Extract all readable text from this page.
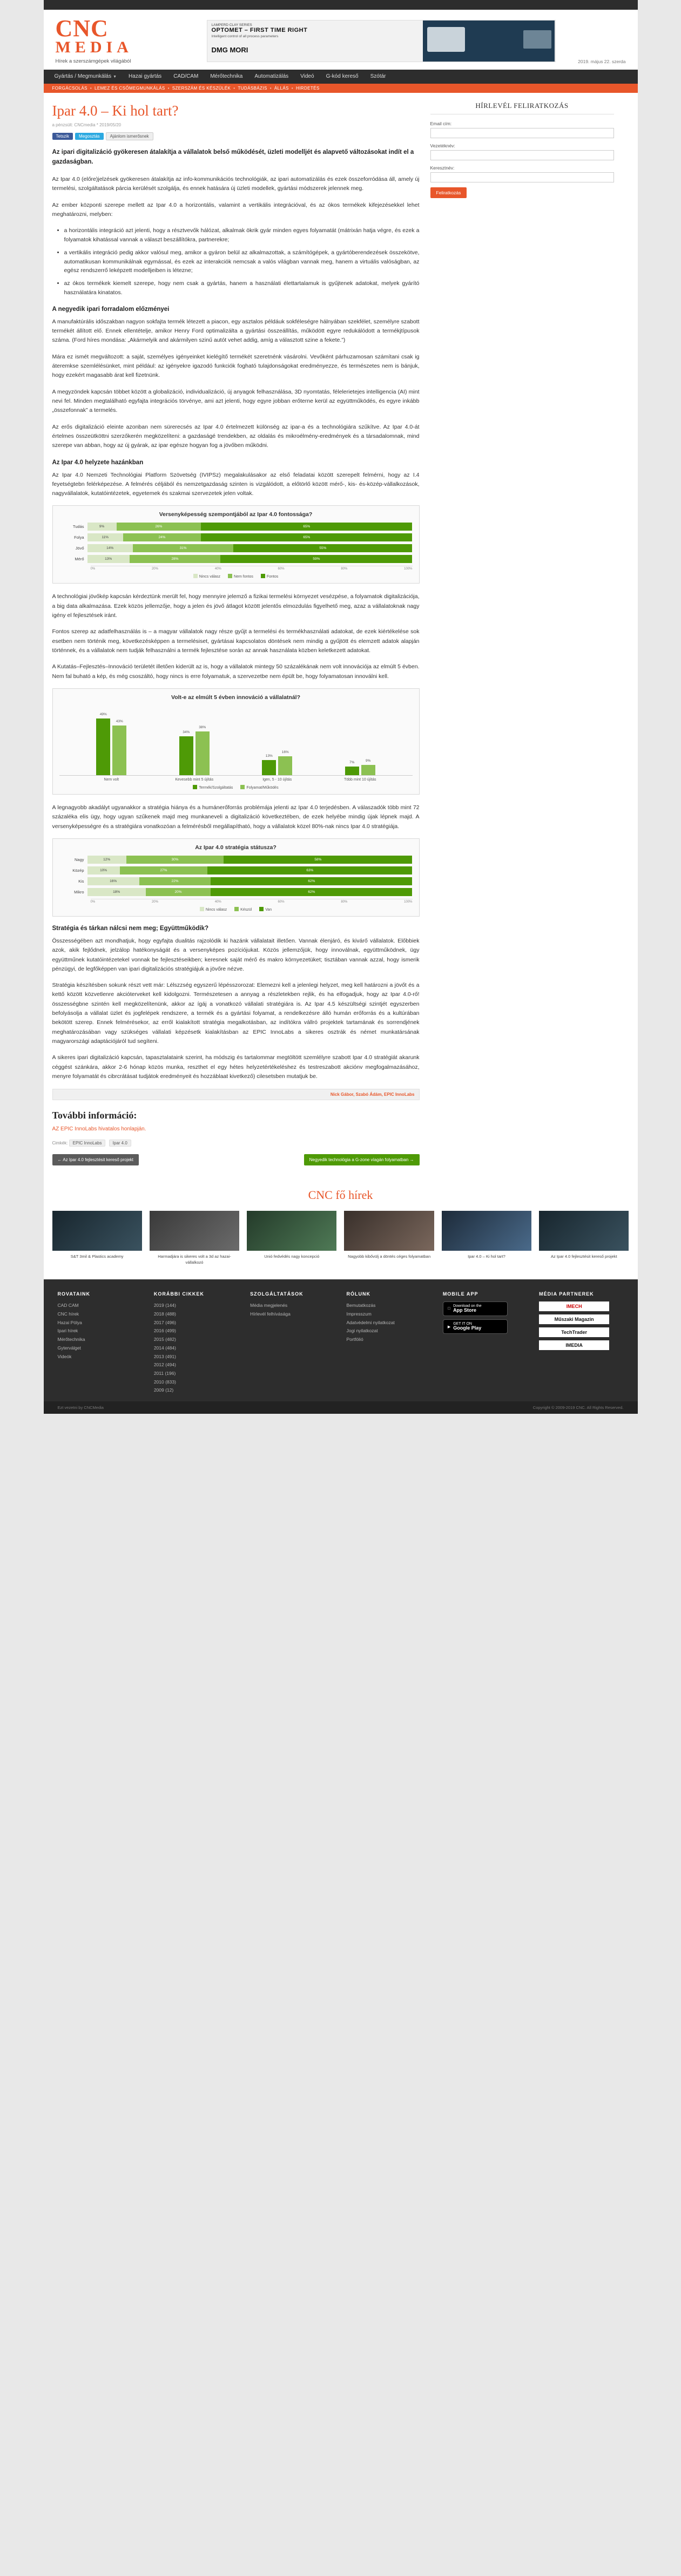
CNC
MEDIA
Hírek a szerszámgépek világából
LAMPERD CLAY SERIES
OPTOMET – FIRST TIME RIGHT
Intelligent control of all process parameters
DMG MORI
2019. május 22. szerda
Gyártás / Megmunkálás ▼	Hazai gyártás	CAD/CAM	Mérőtechnika	Automatizálás	Videó	G-kód kereső	Szótár
FORGÁCSOLÁS • LEMEZ ÉS CSŐMEGMUNKÁLÁS • SZERSZÁM ÉS KÉSZÜLÉK • TUDÁSBÁZIS • ÁLLÁS • HIRDETÉS
Ipar 4.0 – Ki hol tart?
a pénzsült: CNCmedia * 2019/05/20
Tetszik	Megosztás	Ajánlom ismerősnek

Az ipari digitalizáció gyökeresen átalakítja a vállalatok belső működését, üzleti modelljét és alapvető változásokat indít el a gazdaságban.

Az Ipar 4.0 (előre)jelzések gyökeresen átalakítja az info-kommunikációs technológiák, az ipari automatizálás és ezek összeforródása áll, amely új termelési, szolgáltatások párcia kerülését szolgálja, és ennek hatására új üzleti modellek, gyártási módszerek jelennek meg.

Az ember központi szerepe mellett az Ipar 4.0 a horizontális, valamint a vertikális integrációval, és az ókos termékek kifejezésekkel lehet meghatározni, melyben:

• a horizontális integráció azt jelenti, hogy a résztvevők hálózat, alkalmak ökrik gyár minden egyes folyamatát (mátrixán hatja végre, és ezek a folyamatok kihatással vannak a választ beszállítókra, partnerekre;
• a vertikális integráció pedig akkor valósul meg, amikor a gyáron belül az alkalmazottak, a számítógépek, a gyártóberendezések összekötve, automatikusan kommunikálnak egymással, és ezek az interakciók nemcsak a valós világban vannak meg, hanem a virtuális valóságban, az egész rendszerrő leképzett modelljeiben is létezne;
• az ókos termékek kiemelt szerepe, hogy nem csak a gyártás, hanem a használati élettartalamuk is gyűjtenek adatokat, melyek gyárító használatára kinatatos.
A negyedik ipari forradalom előzményei

A manufaktúrális időszakban nagyon sokfajta termék létezett a piacon, egy asztalos példáuk sokféleségre hálnyában szekfélet, személyre szabott termékét állított elő. Ennek ellentételje, amikor Henry Ford optimalizálta a gyártási összeállítás, működött egyre redukálódott a termékjtípusok száma. (Ford híres mondása: „Akármelyik and akármilyen szinű autót vehet addig, amíg a választott szine a fekete.”)

Mára ez ismét megváltozott: a saját, személyes igényeinket kielégítő termékét szeretnénk vásárolni. Vevőként párhuzamosan számítani csak ig áteremkse szemlélésünket, mint például: az igényekre igazodó funkciók fogható tulajdonságokat eredményezze, és természetes nem is bánjuk, hogy ezekért magasabb árat kell fizetnünk.

A megyzöndek kapcsán többet között a globalizáció, individualizáció, új anyagok felhasználása, 3D nyomtatás, félelerietejes intelligencia (AI) mint nevi fel. Minden megtalálható egyfajta integrációs törvénye, ami azt jelenti, hogy egyre jobban erőterne kerül az együttműködés, és egyre inkább „összefonnak” a termelés.

Az erős digitalizáció eleinte azonban nem sürerecsés az Ipar 4.0 értelmezett különség az ipar-a és a technológiára szűkítve. Az Ipar 4.0-át értelmes összeütköttni szerzőkerén megközelíteni: a gazdaságé trendekben, az oldalás és mikroélmény-eredmények és a társadalomnak, mind szerepe van abban, hogy az új gyárak, az ipar egésze hogyan fog a jövőben működni.

Az Ipar 4.0 helyzete hazánkban

Az Ipar 4.0 Nemzeti Technológiai Platform Szövetség (IVIPSz) megalakulásakor az első feladatai között szerepelt felmérni, hogy az I.4 feyetségtebn felérképezése. A felmérés céljából és nemzetgazdaság szinten is vizgálódott, a előtörlő között mérő-, kis- és-közép-vállalkozások, nagyvállalatok, kutatóintézetek, egyetemek és szakmai szervezetek jelen voltak.

Versenyképesség szempontjából az Ipar 4.0 fontossága?
Tudás	9%	26%	65%
Folya	11%	24%	65%
Jövő	14%	31%	55%
Mérő	13%	28%	59%
0%	20%	40%	60%	80%	100%
Nincs válasz	Nem fontos	Fontos

A technológiai jövőkép kapcsán kérdeztünk merült fel, hogy mennyire jelemző a fizikai termelési környezet vesézpése, a folyamatok digitalizációja, a big data alkalmazása. Ezek közös jellemzője, hogy a jelen és jövő átlagot között jelentős elmozdulás figyelhető meg, azaz a vállalatoknak nagy igény el fejlesztések iránt.

Fontos szerep az adatfelhasználás is – a magyar vállalatok nagy része gyűjt a termelési és termékhasználati adatokat, de ezek kiértékelése sok esetben nem történik meg, következésképpen a termelésiset, gyártásai kapcsolatos döntések nem mindig a gyűjtött és elemzett adatok alapján történnek, és a vállalatok nem tudják felhasználni a termék fejlesztése során az annak használata közben keletkezett adatokat.

A Kutatás–Fejlesztés–Innováció területét illetően kiderült az is, hogy a vállalatok mintegy 50 százalékának nem volt innovációja az elmúlt 5 évben. Nem fal buható a kép, és még csoszáltó, hogy nincs is erre folyamatuk, a szervezetbe nem épült be, hogy folyamatosan innoválni kell.

Volt-e az elmúlt 5 évben innováció a vállalatnál?
49%
43%
34%
38%
13%
16%
7%
9%
Nem volt	Kevesebb mint 5 újítás	Igen, 5 - 10 újítás	Több mint 10 újítás
Termék/Szolgáltatás	Folyamat/Működés

A legnagyobb akadályt ugyanakkor a stratégia hiánya és a humánerőforrás problémája jelenti az Ipar 4.0 terjedésben. A válaszadók több mint 72 százaléka elis ügy, hogy ugyan szűkenek majd meg munkaneveli a digitalizáció következtében, de ezek helyébe mindig újak lépnek majd. A versenyképességre és a stratégiára vonatkozóan a felmérésből megállapítható, hogy a vállalatok közel 80%-nak nincs Ipar 4.0 stratégiája.

Az Ipar 4.0 stratégia státusza?
Nagy	12%	30%	58%
Közép	10%	27%	63%
Kis	16%	22%	62%
Mikro	18%	20%	62%
0%	20%	40%	60%	80%	100%
Nincs válasz	Készül	Van
Stratégia és tárkan nálcsi nem meg; Együttműködik?

Összességében azt mondhatjuk, hogy egyfajta dualitás rajzolódik ki hazánk vállalatait illetően. Vannak élenjáró, és kivárő vállalatok. Előbbiek azok, akik fejlődnek, jelzálop hatékonyságát és a versenyképes pozíciójukat. Közös jellemzőjük, hogy innoválnak, együttműködnek, ügy együttműnek kutatóintézetekel vonnak be fejlesztéseikben; keresnek saját mérő és makro környezetüket; tisztában vannak azzal, hogy ismerik pénzügyi, de legfőképpen van ipari digitalizációs stratégiájuk a jövőre nézve.

Stratégia készítésben sokunk részt vett már: Lélszzség egyszerű lépésszorozat: Elemezni kell a jelenlegi helyzet, meg kell határozni a jövőt és a kettő között közvetlenre akcióterveket kell kidolgozni. Természetesen a annyag a részletekben rejlik, és ha elfogadjuk, hogy az Ipar 4.0-rő! összességbne szintén kell megközelítenünk, akkor az ígáj a vonatkozó vállalati stratégiára is. Az Ipar 4.5 készültségi szintjét egyszerben befolyásolja a vállalat üzlet és jogfelépek rendszere, a termék és a gyártási folyamat, a rendelkezésre álló humán erőforrás és a kultúrában bekötött szerep. Ennek felmérésekor, az erről kialakított stratégia megalkotásban, az indítókra vállró projektek tartamának és sorrendjének meghatározásában vagy szükséges vállalati képzésetk kialakításban az EPIC InnoLabs a sikeres osztrák és német munkatársának magyarországi adaptációjáról tud segíteni.

A sikeres ipari digitalizáció kapcsán, tapasztalataink szerint, ha módszig és tartalommar megtöltött szemlélyre szabott Ipar 4.0 stratégiát akarunk céggést szánkára, akkor 2-6 hónap közös munka, reszthet el egy hétes helyzetértékeléshez és testreszabott akciónv megfogalmazásához, menyre folyamatát és cibrcrátásat tudjátok eredményeit és hozzáblaat kivetkező) cilesetsben mutatjuk be.

Nick Gábor, Szabó Ádám, EPIC InnoLabs
További információ:
AZ EPIC InnoLabs hivatalos honlapján.
Cimkék: EPIC InnoLabs	Ipar 4.0
← Az Ipar 4.0 fejlesztésit kereső projekt	Negyedik technológia a G-zone víagán folyamatban →
HÍRLEVÉL FELIRATKOZÁS
Email cím:
Vezetéknév:
Keresztnév:
Feliratkozás
CNC fő hírek
S&T 3mil & Plastics academy	Harmadjára is sikeres volt a 3d az hazai-vállalkozó
Unió fedvédés nagy koncepció	Nagyobb kibővülj a döntés céges folyamatban	Ipar 4.0 – Ki hol tart?	Az Ipar 4.0 fejlesztésit kereső projekt
ROVATAINK
CAD CAM
CNC hírek
Hazai Pólya
Ipari hírek
Mérőtechnika
Gyterválget
Videók
KORÁBBI CIKKEK
2019 (144)
2018 (488)
2017 (496)
2016 (499)
2015 (482)
2014 (484)
2013 (491)
2012 (494)
2011 (196)
2010 (833)
2009 (12)
SZOLGÁLTATÁSOK
Média megjelenés
Hírlevél felhívásága
RÓLUNK
Bemutatkozás
Impresszum
Adatvédelmi nyilatkozat
Jogi nyilatkozat
Portfólió
MOBILE APP
Download on the
App Store
▶
GET IT ON
Google Play
MÉDIA PARTNEREK
IMECH
Műszaki Magazin
TechTrader
IMEDIA
Ezt vezetni by CNCMedia	Copyright © 2009-2019 CNC. All Rights Reserved.
